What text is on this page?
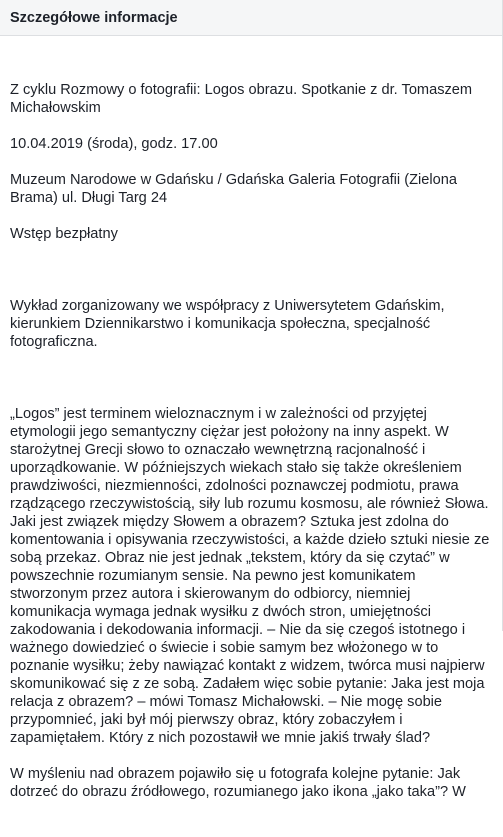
Szczegółowe informacje

Z cyklu Rozmowy o fotografii: Logos obrazu. Spotkanie z dr. Tomaszem Michałowskim

10.04.2019 (środa), godz. 17.00

Muzeum Narodowe w Gdańsku / Gdańska Galeria Fotografii (Zielona Brama) ul. Długi Targ 24

Wstęp bezpłatny

Wykład zorganizowany we współpracy z Uniwersytetem Gdańskim, kierunkiem Dziennikarstwo i komunikacja społeczna, specjalność fotograficzna.

„Logos” jest terminem wieloznacznym i w zależności od przyjętej etymologii jego semantyczny ciężar jest położony na inny aspekt. W starożytnej Grecji słowo to oznaczało wewnętrzną racjonalność i uporządkowanie. W późniejszych wiekach stało się także określeniem prawdziwości, niezmienności, zdolności poznawczej podmiotu, prawa rządzącego rzeczywistością, siły lub rozumu kosmosu, ale również Słowa. Jaki jest związek między Słowem a obrazem? Sztuka jest zdolna do komentowania i opisywania rzeczywistości, a każde dzieło sztuki niesie ze sobą przekaz. Obraz nie jest jednak „tekstem, który da się czytać” w powszechnie rozumianym sensie. Na pewno jest komunikatem stworzonym przez autora i skierowanym do odbiorcy, niemniej komunikacja wymaga jednak wysiłku z dwóch stron, umiejętności zakodowania i dekodowania informacji. – Nie da się czegoś istotnego i ważnego dowiedzieć o świecie i sobie samym bez włożonego w to poznanie wysiłku; żeby nawiązać kontakt z widzem, twórca musi najpierw skomunikować się z ze sobą. Zadałem więc sobie pytanie: Jaka jest moja relacja z obrazem? – mówi Tomasz Michałowski. – Nie mogę sobie przypomnieć, jaki był mój pierwszy obraz, który zobaczyłem i zapamiętałem. Który z nich pozostawił we mnie jakiś trwały ślad?

W myśleniu nad obrazem pojawiło się u fotografa kolejne pytanie: Jak dotrzeć do obrazu źródłowego, rozumianego jako ikona „jako taka”? W
